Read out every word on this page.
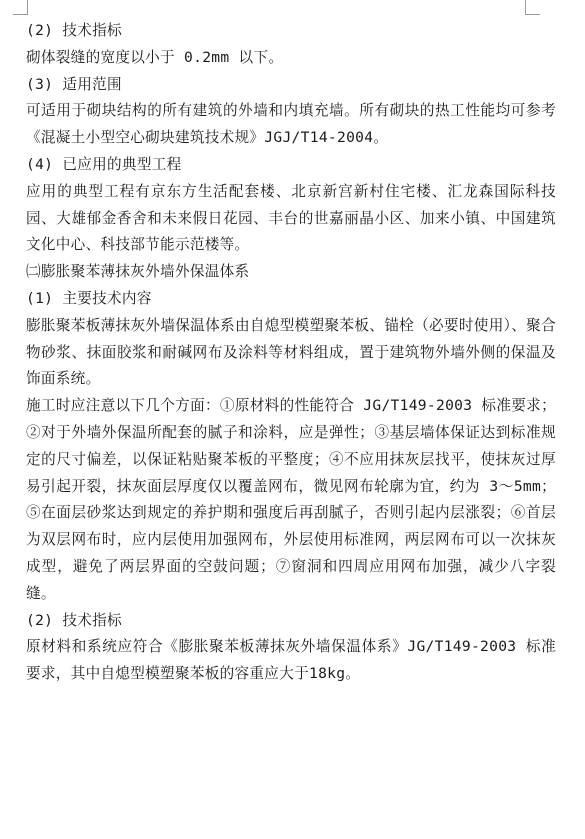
(2) 技术指标

砌体裂缝的宽度以小于 0.2mm 以下。

(3) 适用范围

可适用于砌块结构的所有建筑的外墙和内填充墙。所有砌块的热工性能均可参考《混凝土小型空心砌块建筑技术规》JGJ/T14-2004。

(4) 已应用的典型工程

应用的典型工程有京东方生活配套楼、北京新宫新村住宅楼、汇龙森国际科技园、大雄郁金香舍和未来假日花园、丰台的世嘉丽晶小区、加来小镇、中国建筑文化中心、科技部节能示范楼等。

㈡膨胀聚苯薄抹灰外墙外保温体系

(1) 主要技术内容

膨胀聚苯板薄抹灰外墙保温体系由自熄型模塑聚苯板、锚栓（必要时使用）、聚合物砂浆、抹面胶浆和耐碱网布及涂料等材料组成，置于建筑物外墙外侧的保温及饰面系统。

施工时应注意以下几个方面：①原材料的性能符合 JG/T149-2003 标准要求；②对于外墙外保温所配套的腻子和涂料，应是弹性；③基层墙体保证达到标准规定的尺寸偏差，以保证粘贴聚苯板的平整度；④不应用抹灰层找平，使抹灰过厚易引起开裂，抹灰面层厚度仅以覆盖网布，微见网布轮廓为宜，约为 3～5mm；⑤在面层砂浆达到规定的养护期和强度后再刮腻子，否则引起内层涨裂；⑥首层为双层网布时，应内层使用加强网布，外层使用标准网，两层网布可以一次抹灰成型，避免了两层界面的空鼓问题；⑦窗洞和四周应用网布加强，减少八字裂缝。

(2) 技术指标

原材料和系统应符合《膨胀聚苯板薄抹灰外墙保温体系》JG/T149-2003 标准要求，其中自熄型模塑聚苯板的容重应大于18kg。
